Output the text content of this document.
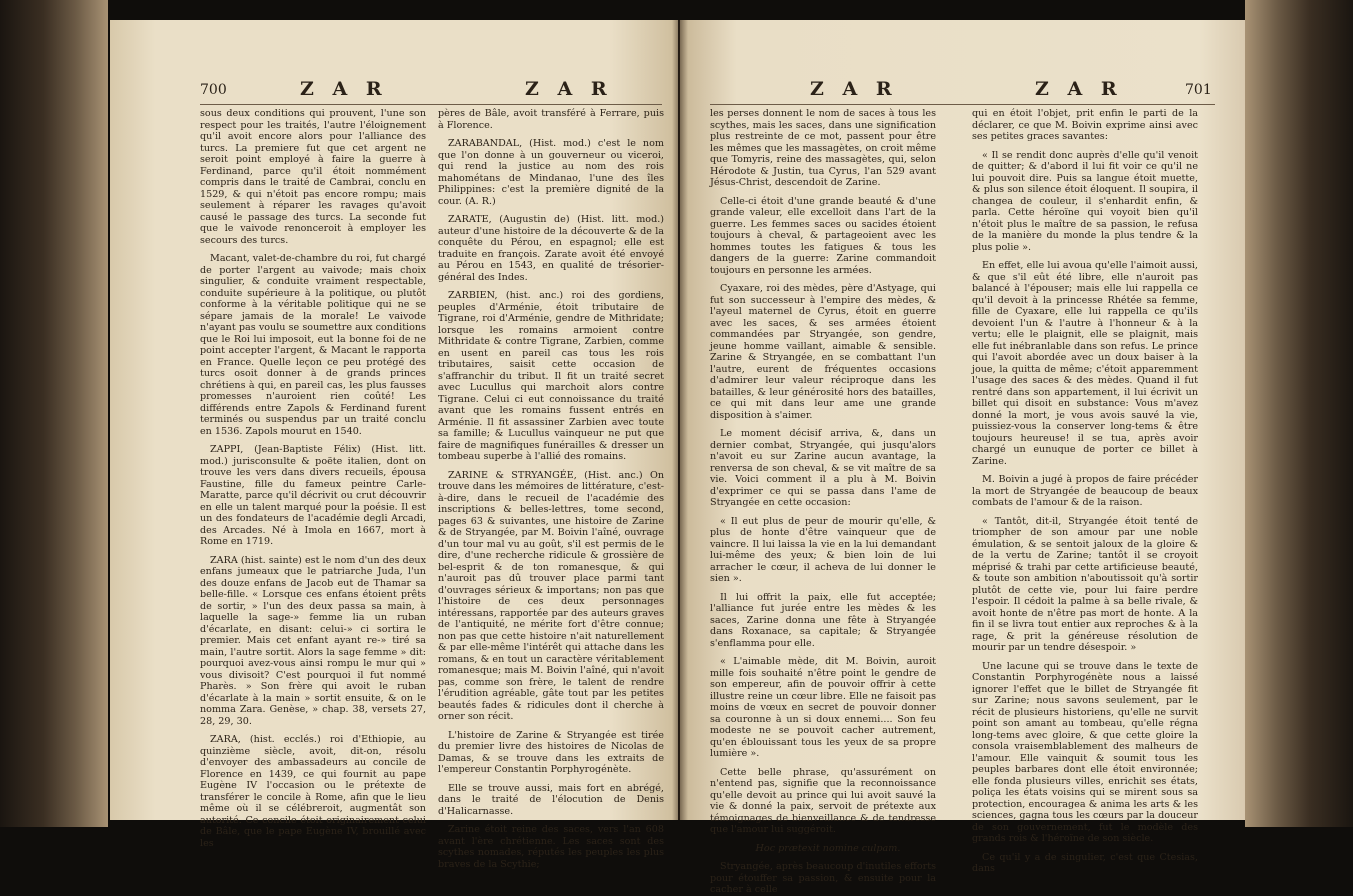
700	Z A R	Z A R

sous deux conditions qui prouvent, l'une son respect pour les traités, l'autre l'éloignement qu'il avoit encore alors pour l'alliance des turcs. La premiere fut que cet argent ne seroit point employé à faire la guerre à Ferdinand, parce qu'il étoit nommément compris dans le traité de Cambrai, conclu en 1529, & qui n'étoit pas encore rompu; mais seulement à réparer les ravages qu'avoit causé le passage des turcs. La seconde fut que le vaivode renonceroit à employer les secours des turcs.

Macant, valet-de-chambre du roi, fut chargé de porter l'argent au vaivode; mais choix singulier, & conduite vraiment respectable, conduite supérieure à la politique, ou plutôt conforme à la véritable politique qui ne se sépare jamais de la morale! Le vaivode n'ayant pas voulu se soumettre aux conditions que le Roi lui imposoit, eut la bonne foi de ne point accepter l'argent, & Macant le rapporta en France. Quelle leçon ce peu protégé des turcs osoit donner à de grands princes chrétiens à qui, en pareil cas, les plus fausses promesses n'auroient rien coûté! Les différends entre Zapols & Ferdinand furent terminés ou suspendus par un traité conclu en 1536. Zapols mourut en 1540.

ZAPPI, (Jean-Baptiste Félix) (Hist. litt. mod.) jurisconsulte & poëte italien, dont on trouve les vers dans divers recueils, épousa Faustine, fille du fameux peintre Carle-Maratte, parce qu'il décrivit ou crut découvrir en elle un talent marqué pour la poésie. Il est un des fondateurs de l'académie degli Arcadi, des Arcades. Né à Imola en 1667, mort à Rome en 1719.

ZARA (hist. sainte) est le nom d'un des deux enfans jumeaux que le patriarche Juda, l'un des douze enfans de Jacob eut de Thamar sa belle-fille. « Lorsque ces enfans étoient prêts de sortir, » l'un des deux passa sa main, à laquelle la sage-» femme lia un ruban d'écarlate, en disant: celui-» ci sortira le premier. Mais cet enfant ayant re-» tiré sa main, l'autre sortit. Alors la sage femme » dit: pourquoi avez-vous ainsi rompu le mur qui » vous divisoit? C'est pourquoi il fut nommé Pharès. » Son frère qui avoit le ruban d'écarlate à la main » sortit ensuite, & on le nomma Zara. Genèse, » chap. 38, versets 27, 28, 29, 30.

ZARA, (hist. ecclés.) roi d'Ethiopie, au quinzième siècle, avoit, dit-on, résolu d'envoyer des ambassadeurs au concile de Florence en 1439, ce qui fournit au pape Eugène IV l'occasion ou le prétexte de transférer le concile à Rome, afin que le lieu même où il se célébreroit, augmentât son autorité. Ce concile étoit originairement celui de Bâle, que le pape Eugène IV, brouillé avec les

pères de Bâle, avoit transféré à Ferrare, puis à Florence.

ZARABANDAL, (Hist. mod.) c'est le nom que l'on donne à un gouverneur ou viceroi, qui rend la justice au nom des rois mahométans de Mindanao, l'une des îles Philippines: c'est la première dignité de la cour. (A. R.)

ZARATE, (Augustin de) (Hist. litt. mod.) auteur d'une histoire de la découverte & de la conquête du Pérou, en espagnol; elle est traduite en françois. Zarate avoit été envoyé au Pérou en 1543, en qualité de trésorier-général des Indes.

ZARBIEN, (hist. anc.) roi des gordiens, peuples d'Arménie, étoit tributaire de Tigrane, roi d'Arménie, gendre de Mithridate; lorsque les romains armoient contre Mithridate & contre Tigrane, Zarbien, comme en usent en pareil cas tous les rois tributaires, saisit cette occasion de s'affranchir du tribut. Il fit un traité secret avec Lucullus qui marchoit alors contre Tigrane. Celui ci eut connoissance du traité avant que les romains fussent entrés en Arménie. Il fit assassiner Zarbien avec toute sa famille; & Lucullus vainqueur ne put que faire de magnifiques funérailles & dresser un tombeau superbe à l'allié des romains.

ZARINE & STRYANGÉE, (Hist. anc.) On trouve dans les mémoires de littérature, c'est-à-dire, dans le recueil de l'académie des inscriptions & belles-lettres, tome second, pages 63 & suivantes, une histoire de Zarine & de Stryangée, par M. Boivin l'aîné, ouvrage d'un tour mal vu au goût, s'il est permis de le dire, d'une recherche ridicule & grossière de bel-esprit & de ton romanesque, & qui n'auroit pas dû trouver place parmi tant d'ouvrages sérieux & importans; non pas que l'histoire de ces deux personnages intéressans, rapportée par des auteurs graves de l'antiquité, ne mérite fort d'être connue; non pas que cette histoire n'ait naturellement & par elle-même l'intérêt qui attache dans les romans, & en tout un caractère véritablement romanesque; mais M. Boivin l'aîné, qui n'avoit pas, comme son frère, le talent de rendre l'érudition agréable, gâte tout par les petites beautés fades & ridicules dont il cherche à orner son récit.

L'histoire de Zarine & Stryangée est tirée du premier livre des histoires de Nicolas de Damas, & se trouve dans les extraits de l'empereur Constantin Porphyrogénète.

Elle se trouve aussi, mais fort en abrégé, dans le traité de l'élocution de Denis d'Halicarnasse.

Zarine étoit reine des saces, vers l'an 608 avant l'ère chrétienne. Les saces sont des scythes nomades, réputés les peuples les plus braves de la Scythie;

Z A R	Z A R	701

les perses donnent le nom de saces à tous les scythes, mais les saces, dans une signification plus restreinte de ce mot, passent pour être les mêmes que les massagètes, on croit même que Tomyris, reine des massagètes, qui, selon Hérodote & Justin, tua Cyrus, l'an 529 avant Jésus-Christ, descendoit de Zarine.

Celle-ci étoit d'une grande beauté & d'une grande valeur, elle excelloit dans l'art de la guerre. Les femmes saces ou sacides étoient toujours à cheval, & partageoient avec les hommes toutes les fatigues & tous les dangers de la guerre: Zarine commandoit toujours en personne les armées.

Cyaxare, roi des mèdes, père d'Astyage, qui fut son successeur à l'empire des mèdes, & l'ayeul maternel de Cyrus, étoit en guerre avec les saces, & ses armées étoient commandées par Stryangée, son gendre, jeune homme vaillant, aimable & sensible. Zarine & Stryangée, en se combattant l'un l'autre, eurent de fréquentes occasions d'admirer leur valeur réciproque dans les batailles, & leur générosité hors des batailles, ce qui mit dans leur ame une grande disposition à s'aimer.

Le moment décisif arriva, &, dans un dernier combat, Stryangée, qui jusqu'alors n'avoit eu sur Zarine aucun avantage, la renversa de son cheval, & se vit maître de sa vie. Voici comment il a plu à M. Boivin d'exprimer ce qui se passa dans l'ame de Stryangée en cette occasion:

« Il eut plus de peur de mourir qu'elle, & plus de honte d'être vainqueur que de vaincre. Il lui laissa la vie en la lui demandant lui-même des yeux; & bien loin de lui arracher le cœur, il acheva de lui donner le sien ».

Il lui offrit la paix, elle fut acceptée; l'alliance fut jurée entre les mèdes & les saces, Zarine donna une fête à Stryangée dans Roxanace, sa capitale; & Stryangée s'enflamma pour elle.

« L'aimable mède, dit M. Boivin, auroit mille fois souhaité n'être point le gendre de son empereur, afin de pouvoir offrir à cette illustre reine un cœur libre. Elle ne faisoit pas moins de vœux en secret de pouvoir donner sa couronne à un si doux ennemi.... Son feu modeste ne se pouvoit cacher autrement, qu'en éblouissant tous les yeux de sa propre lumière ».

Cette belle phrase, qu'assurément on n'entend pas, signifie que la reconnoissance qu'elle devoit au prince qui lui avoit sauvé la vie & donné la paix, servoit de prétexte aux témoignages de bienveillance & de tendresse que l'amour lui suggéroit.

Hoc prætexit nomine culpam.

Stryangée, après beaucoup d'inutiles efforts pour étouffer sa passion, & ensuite pour la cacher à celle

qui en étoit l'objet, prit enfin le parti de la déclarer, ce que M. Boivin exprime ainsi avec ses petites graces savantes:

« Il se rendit donc auprès d'elle qu'il venoit de quitter; & d'abord il lui fit voir ce qu'il ne lui pouvoit dire. Puis sa langue étoit muette, & plus son silence étoit éloquent. Il soupira, il changea de couleur, il s'enhardit enfin, & parla. Cette héroïne qui voyoit bien qu'il n'étoit plus le maître de sa passion, le refusa de la manière du monde la plus tendre & la plus polie ».

En effet, elle lui avoua qu'elle l'aimoit aussi, & que s'il eût été libre, elle n'auroit pas balancé à l'épouser; mais elle lui rappella ce qu'il devoit à la princesse Rhétée sa femme, fille de Cyaxare, elle lui rappella ce qu'ils devoient l'un & l'autre à l'honneur & à la vertu; elle le plaignit, elle se plaignit, mais elle fut inébranlable dans son refus. Le prince qui l'avoit abordée avec un doux baiser à la joue, la quitta de même; c'étoit apparemment l'usage des saces & des mèdes. Quand il fut rentré dans son appartement, il lui écrivit un billet qui disoit en substance: Vous m'avez donné la mort, je vous avois sauvé la vie, puissiez-vous la conserver long-tems & être toujours heureuse! il se tua, après avoir chargé un eunuque de porter ce billet à Zarine.

M. Boivin a jugé à propos de faire précéder la mort de Stryangée de beaucoup de beaux combats de l'amour & de la raison.

« Tantôt, dit-il, Stryangée étoit tenté de triompher de son amour par une noble émulation, & se sentoit jaloux de la gloire & de la vertu de Zarine; tantôt il se croyoit méprisé & trahi par cette artificieuse beauté, & toute son ambition n'aboutissoit qu'à sortir plutôt de cette vie, pour lui faire perdre l'espoir. Il cédoit la palme à sa belle rivale, & avoit honte de n'être pas mort de honte. A la fin il se livra tout entier aux reproches & à la rage, & prit la généreuse résolution de mourir par un tendre désespoir. »

Une lacune qui se trouve dans le texte de Constantin Porphyrogénète nous a laissé ignorer l'effet que le billet de Stryangée fit sur Zarine; nous savons seulement, par le récit de plusieurs historiens, qu'elle ne survit point son amant au tombeau, qu'elle régna long-tems avec gloire, & que cette gloire la consola vraisemblablement des malheurs de l'amour. Elle vainquit & soumit tous les peuples barbares dont elle étoit environnée; elle fonda plusieurs villes, enrichit ses états, poliça les états voisins qui se mirent sous sa protection, encouragea & anima les arts & les sciences, gagna tous les cœurs par la douceur de son gouvernement, fut le modèle des grands rois & l'héroïne de son siècle.

Ce qu'il y a de singulier, c'est que Ctesias, dans
